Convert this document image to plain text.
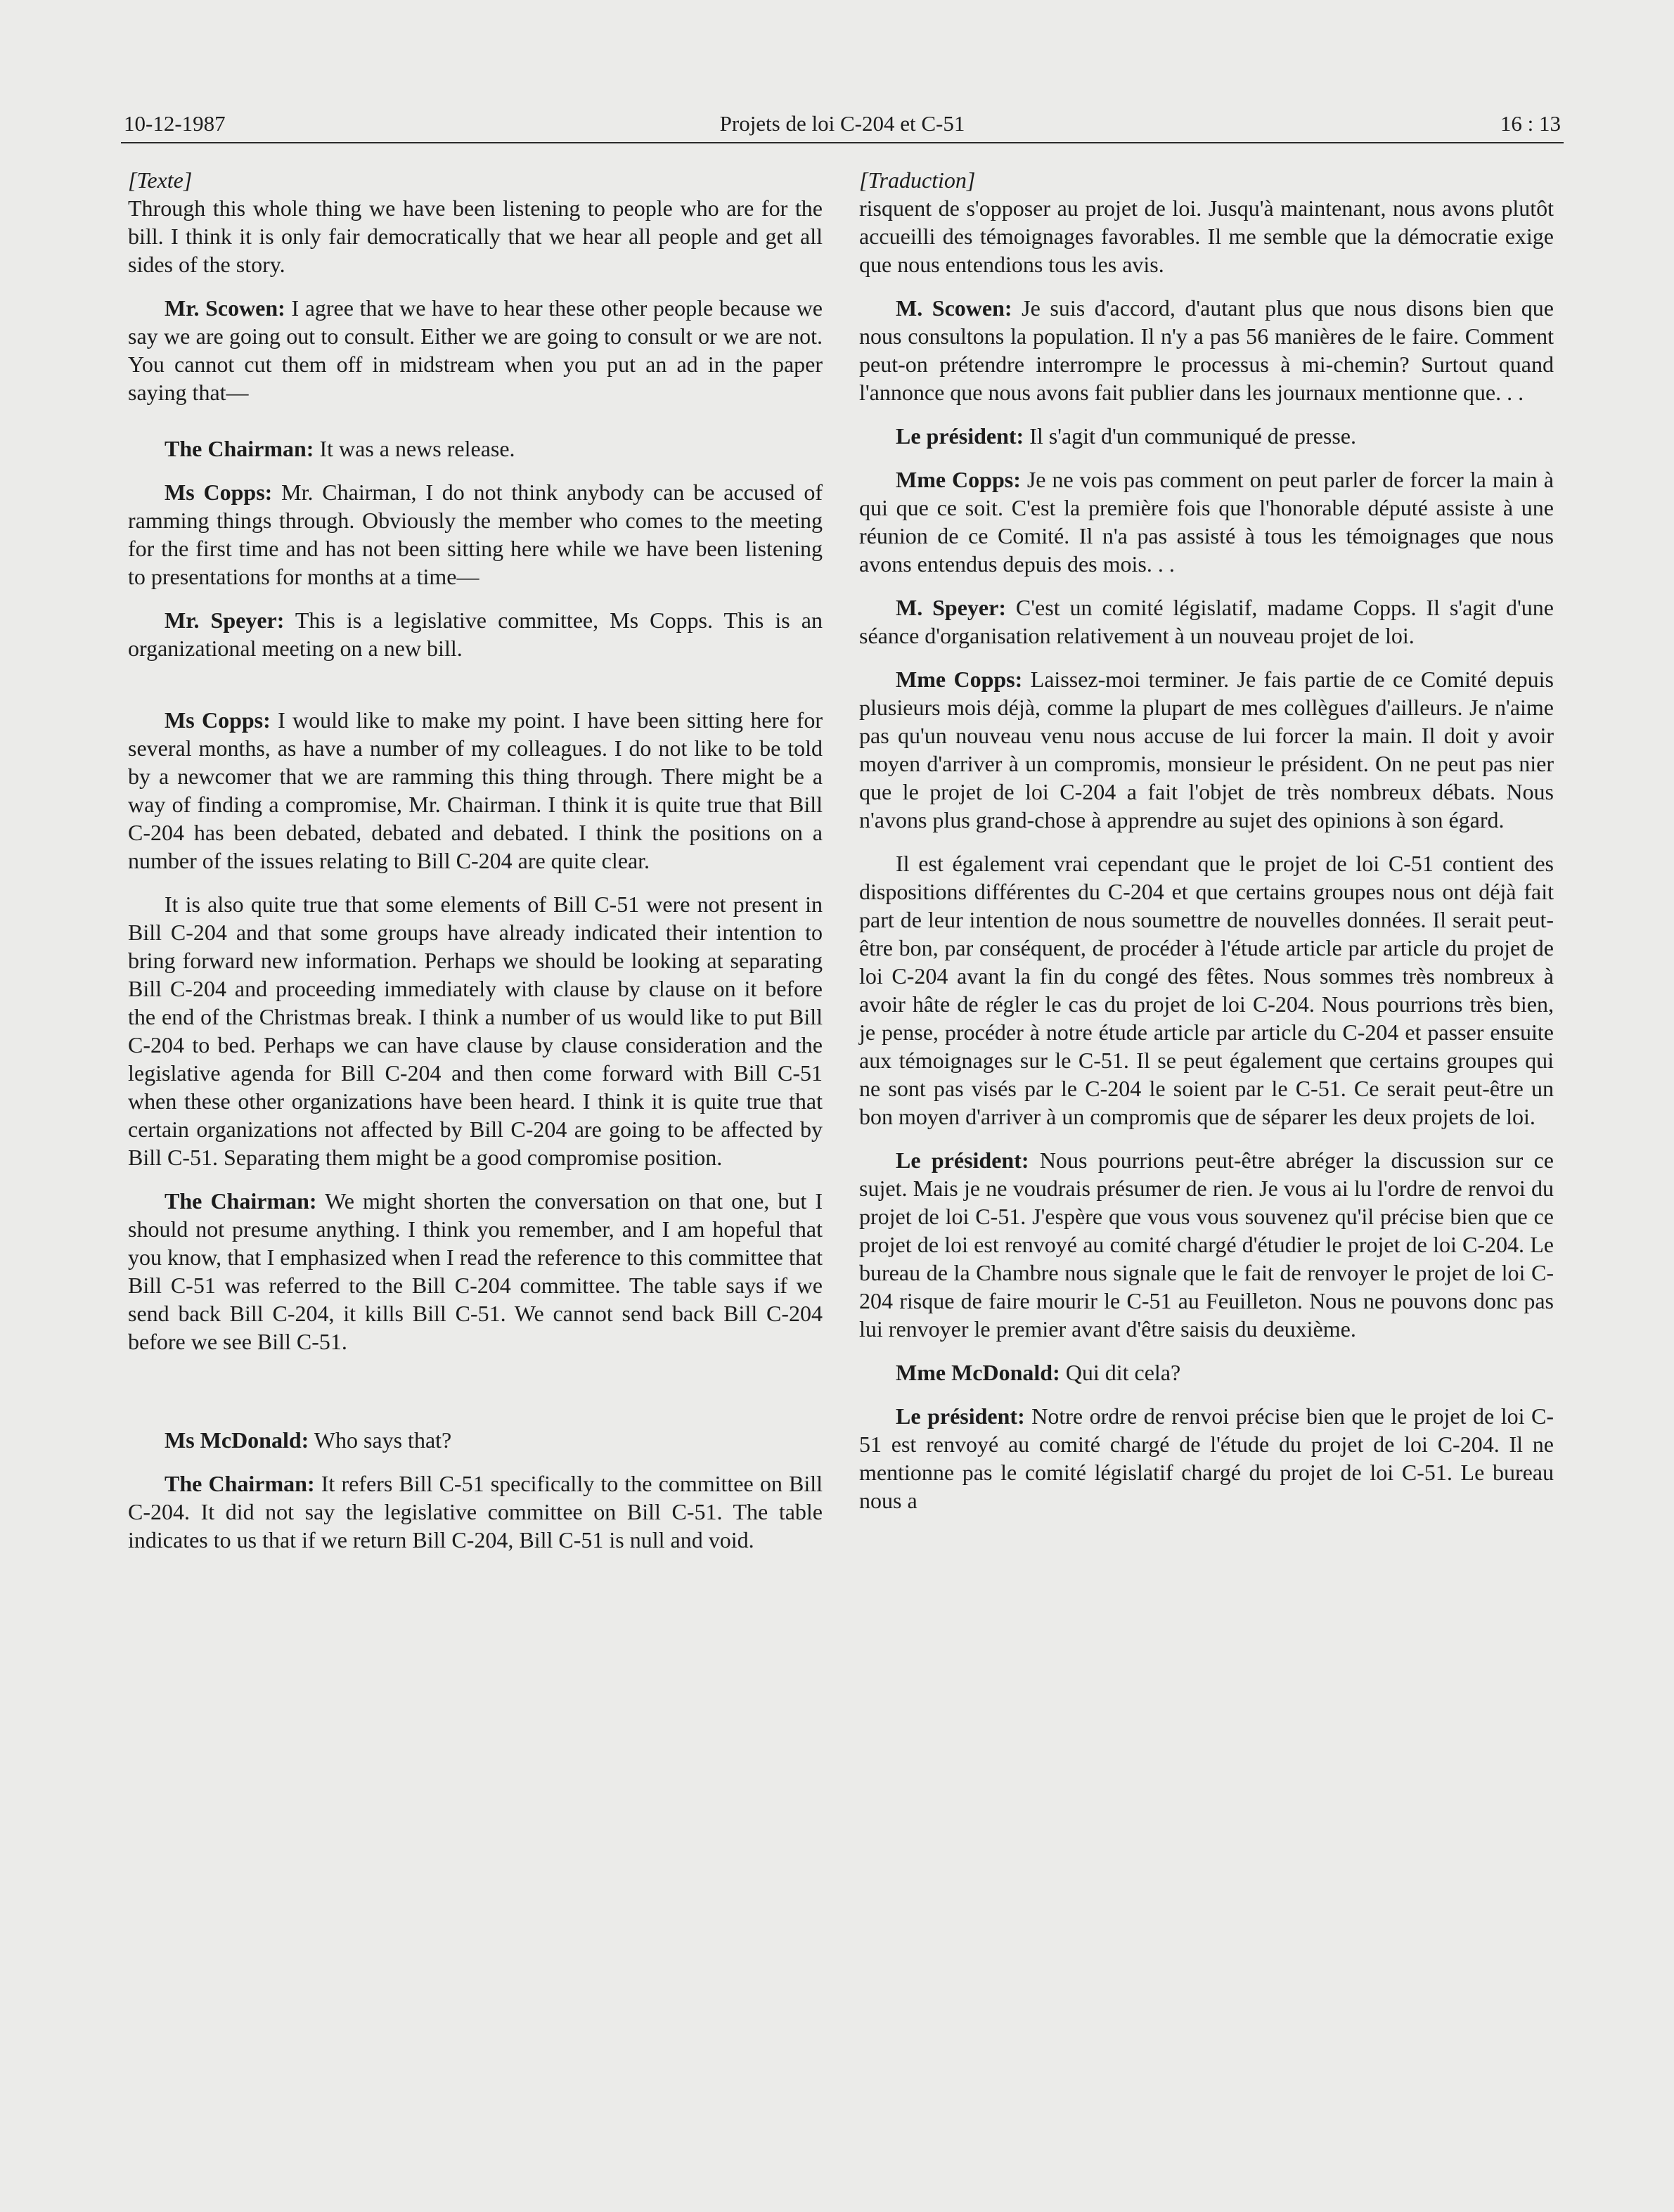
10-12-1987	Projets de loi C-204 et C-51	16 : 13
[Texte]

Through this whole thing we have been listening to people who are for the bill. I think it is only fair democratically that we hear all people and get all sides of the story.

Mr. Scowen: I agree that we have to hear these other people because we say we are going out to consult. Either we are going to consult or we are not. You cannot cut them off in midstream when you put an ad in the paper saying that—

The Chairman: It was a news release.

Ms Copps: Mr. Chairman, I do not think anybody can be accused of ramming things through. Obviously the member who comes to the meeting for the first time and has not been sitting here while we have been listening to presentations for months at a time—

Mr. Speyer: This is a legislative committee, Ms Copps. This is an organizational meeting on a new bill.

Ms Copps: I would like to make my point. I have been sitting here for several months, as have a number of my colleagues. I do not like to be told by a newcomer that we are ramming this thing through. There might be a way of finding a compromise, Mr. Chairman. I think it is quite true that Bill C-204 has been debated, debated and debated. I think the positions on a number of the issues relating to Bill C-204 are quite clear.

It is also quite true that some elements of Bill C-51 were not present in Bill C-204 and that some groups have already indicated their intention to bring forward new information. Perhaps we should be looking at separating Bill C-204 and proceeding immediately with clause by clause on it before the end of the Christmas break. I think a number of us would like to put Bill C-204 to bed. Perhaps we can have clause by clause consideration and the legislative agenda for Bill C-204 and then come forward with Bill C-51 when these other organizations have been heard. I think it is quite true that certain organizations not affected by Bill C-204 are going to be affected by Bill C-51. Separating them might be a good compromise position.

The Chairman: We might shorten the conversation on that one, but I should not presume anything. I think you remember, and I am hopeful that you know, that I emphasized when I read the reference to this committee that Bill C-51 was referred to the Bill C-204 committee. The table says if we send back Bill C-204, it kills Bill C-51. We cannot send back Bill C-204 before we see Bill C-51.

Ms McDonald: Who says that?

The Chairman: It refers Bill C-51 specifically to the committee on Bill C-204. It did not say the legislative committee on Bill C-51. The table indicates to us that if we return Bill C-204, Bill C-51 is null and void.

[Traduction]

risquent de s'opposer au projet de loi. Jusqu'à maintenant, nous avons plutôt accueilli des témoignages favorables. Il me semble que la démocratie exige que nous entendions tous les avis.

M. Scowen: Je suis d'accord, d'autant plus que nous disons bien que nous consultons la population. Il n'y a pas 56 manières de le faire. Comment peut-on prétendre interrompre le processus à mi-chemin? Surtout quand l'annonce que nous avons fait publier dans les journaux mentionne que. . .

Le président: Il s'agit d'un communiqué de presse.

Mme Copps: Je ne vois pas comment on peut parler de forcer la main à qui que ce soit. C'est la première fois que l'honorable député assiste à une réunion de ce Comité. Il n'a pas assisté à tous les témoignages que nous avons entendus depuis des mois. . .

M. Speyer: C'est un comité législatif, madame Copps. Il s'agit d'une séance d'organisation relativement à un nouveau projet de loi.

Mme Copps: Laissez-moi terminer. Je fais partie de ce Comité depuis plusieurs mois déjà, comme la plupart de mes collègues d'ailleurs. Je n'aime pas qu'un nouveau venu nous accuse de lui forcer la main. Il doit y avoir moyen d'arriver à un compromis, monsieur le président. On ne peut pas nier que le projet de loi C-204 a fait l'objet de très nombreux débats. Nous n'avons plus grand-chose à apprendre au sujet des opinions à son égard.

Il est également vrai cependant que le projet de loi C-51 contient des dispositions différentes du C-204 et que certains groupes nous ont déjà fait part de leur intention de nous soumettre de nouvelles données. Il serait peut-être bon, par conséquent, de procéder à l'étude article par article du projet de loi C-204 avant la fin du congé des fêtes. Nous sommes très nombreux à avoir hâte de régler le cas du projet de loi C-204. Nous pourrions très bien, je pense, procéder à notre étude article par article du C-204 et passer ensuite aux témoignages sur le C-51. Il se peut également que certains groupes qui ne sont pas visés par le C-204 le soient par le C-51. Ce serait peut-être un bon moyen d'arriver à un compromis que de séparer les deux projets de loi.

Le président: Nous pourrions peut-être abréger la discussion sur ce sujet. Mais je ne voudrais présumer de rien. Je vous ai lu l'ordre de renvoi du projet de loi C-51. J'espère que vous vous souvenez qu'il précise bien que ce projet de loi est renvoyé au comité chargé d'étudier le projet de loi C-204. Le bureau de la Chambre nous signale que le fait de renvoyer le projet de loi C-204 risque de faire mourir le C-51 au Feuilleton. Nous ne pouvons donc pas lui renvoyer le premier avant d'être saisis du deuxième.

Mme McDonald: Qui dit cela?

Le président: Notre ordre de renvoi précise bien que le projet de loi C-51 est renvoyé au comité chargé de l'étude du projet de loi C-204. Il ne mentionne pas le comité législatif chargé du projet de loi C-51. Le bureau nous a
